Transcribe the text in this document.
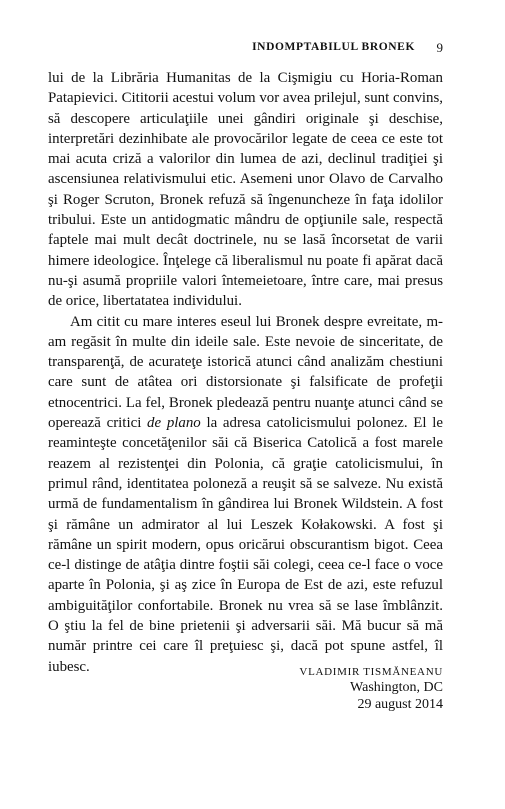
INDOMPTABILUL BRONEK 9

lui de la Librăria Humanitas de la Cişmigiu cu Horia-Roman Patapievici. Cititorii acestui volum vor avea prilejul, sunt convins, să descopere articulaţiile unei gândiri originale şi deschise, interpretări dezinhibate ale provocărilor legate de ceea ce este tot mai acuta criză a valorilor din lumea de azi, declinul tradiţiei şi ascensiunea relativismului etic. Asemeni unor Olavo de Carvalho şi Roger Scruton, Bronek refuză să îngenuncheze în faţa idolilor tribului. Este un antidogmatic mândru de opţiunile sale, respectă faptele mai mult decât doctrinele, nu se lasă încorsetat de varii himere ideologice. Înţelege că liberalismul nu poate fi apărat dacă nu-şi asumă propriile valori întemeietoare, între care, mai presus de orice, libertatatea individului.

Am citit cu mare interes eseul lui Bronek despre evreitate, m-am regăsit în multe din ideile sale. Este nevoie de sinceritate, de transparenţă, de acurateţe istorică atunci când analizăm chestiuni care sunt de atâtea ori distorsionate şi falsificate de profeţii etnocentrici. La fel, Bronek pledează pentru nuanţe atunci când se operează critici de plano la adresa catolicismului polonez. El le reaminteşte concetăţenilor săi că Biserica Catolică a fost marele reazem al rezistenţei din Polonia, că graţie catolicismului, în primul rând, identitatea poloneză a reuşit să se salveze. Nu există urmă de fundamentalism în gândirea lui Bronek Wildstein. A fost şi rămâne un admirator al lui Leszek Kołakowski. A fost şi rămâne un spirit modern, opus oricărui obscurantism bigot. Ceea ce-l distinge de atâţia dintre foştii săi colegi, ceea ce-l face o voce aparte în Polonia, şi aş zice în Europa de Est de azi, este refuzul ambiguităţilor confortabile. Bronek nu vrea să se lase îmblânzit. O ştiu la fel de bine prietenii şi adversarii săi. Mă bucur să mă număr printre cei care îl preţuiesc şi, dacă pot spune astfel, îl iubesc.	VLADIMIR TISMĂNEANU
Washington, DC
29 august 2014
